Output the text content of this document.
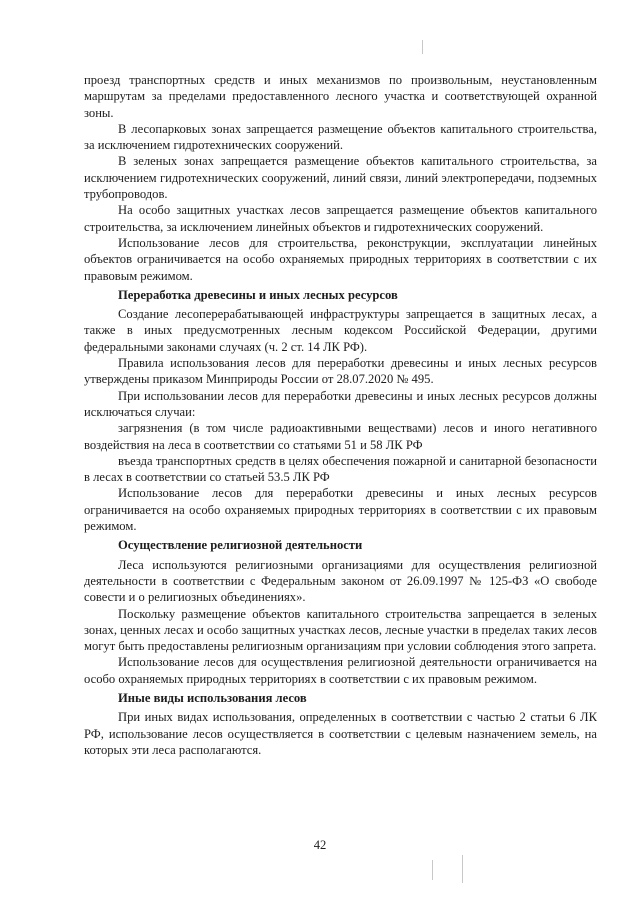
проезд транспортных средств и иных механизмов по произвольным, неустановленным маршрутам за пределами предоставленного лесного участка и соответствующей охранной зоны.

В лесопарковых зонах запрещается размещение объектов капитального строительства, за исключением гидротехнических сооружений.

В зеленых зонах запрещается размещение объектов капитального строительства, за исключением гидротехнических сооружений, линий связи, линий электропередачи, подземных трубопроводов.

На особо защитных участках лесов запрещается размещение объектов капитального строительства, за исключением линейных объектов и гидротехнических сооружений.

Использование лесов для строительства, реконструкции, эксплуатации линейных объектов ограничивается на особо охраняемых природных территориях в соответствии с их правовым режимом.

Переработка древесины и иных лесных ресурсов

Создание лесоперерабатывающей инфраструктуры запрещается в защитных лесах, а также в иных предусмотренных лесным кодексом Российской Федерации, другими федеральными законами случаях (ч. 2 ст. 14 ЛК РФ).

Правила использования лесов для переработки древесины и иных лесных ресурсов утверждены приказом Минприроды России от 28.07.2020 № 495.

При использовании лесов для переработки древесины и иных лесных ресурсов должны исключаться случаи:

загрязнения (в том числе радиоактивными веществами) лесов и иного негативного воздействия на леса в соответствии со статьями 51 и 58 ЛК РФ

въезда транспортных средств в целях обеспечения пожарной и санитарной безопасности в лесах в соответствии со статьей 53.5 ЛК РФ

Использование лесов для переработки древесины и иных лесных ресурсов ограничивается на особо охраняемых природных территориях в соответствии с их правовым режимом.

Осуществление религиозной деятельности

Леса используются религиозными организациями для осуществления религиозной деятельности в соответствии с Федеральным законом от 26.09.1997 № 125-ФЗ «О свободе совести и о религиозных объединениях».

Поскольку размещение объектов капитального строительства запрещается в зеленых зонах, ценных лесах и особо защитных участках лесов, лесные участки в пределах таких лесов могут быть предоставлены религиозным организациям при условии соблюдения этого запрета.

Использование лесов для осуществления религиозной деятельности ограничивается на особо охраняемых природных территориях в соответствии с их правовым режимом.

Иные виды использования лесов

При иных видах использования, определенных в соответствии с частью 2 статьи 6 ЛК РФ, использование лесов осуществляется в соответствии с целевым назначением земель, на которых эти леса располагаются.

42
